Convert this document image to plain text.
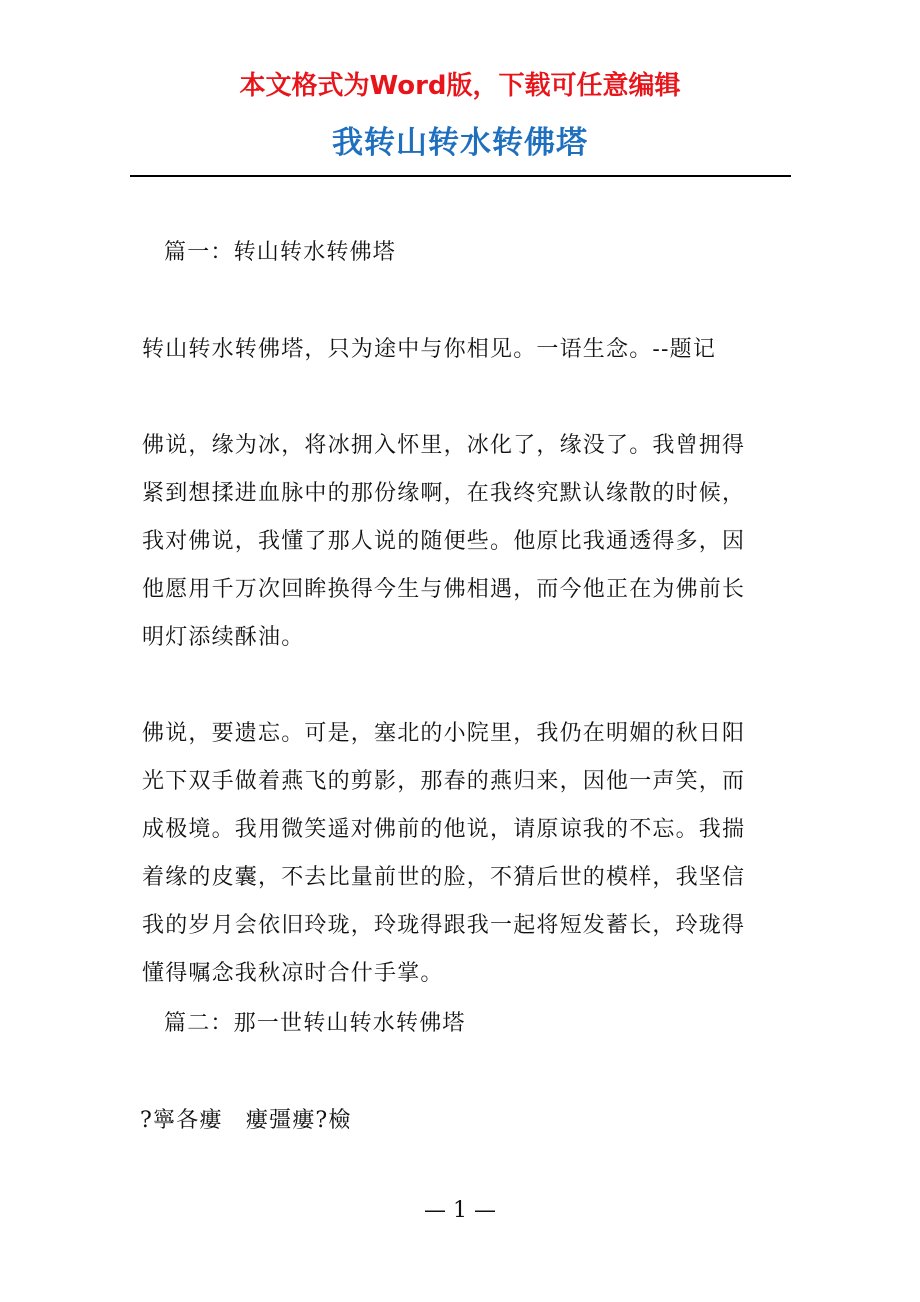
本文格式为Word版，下载可任意编辑
我转山转水转佛塔
篇一：转山转水转佛塔
转山转水转佛塔，只为途中与你相见。一语生念。--题记
佛说，缘为冰，将冰拥入怀里，冰化了，缘没了。我曾拥得
紧到想揉进血脉中的那份缘啊，在我终究默认缘散的时候，
我对佛说，我懂了那人说的随便些。他原比我通透得多，因
他愿用千万次回眸换得今生与佛相遇，而今他正在为佛前长
明灯添续酥油。
佛说，要遗忘。可是，塞北的小院里，我仍在明媚的秋日阳
光下双手做着燕飞的剪影，那春的燕归来，因他一声笑，而
成极境。我用微笑遥对佛前的他说，请原谅我的不忘。我揣
着缘的皮囊，不去比量前世的脸，不猜后世的模样，我坚信
我的岁月会依旧玲珑，玲珑得跟我一起将短发蓄长，玲珑得
懂得嘱念我秋凉时合什手掌。
篇二：那一世转山转水转佛塔
?寧各瘻　瘻彊瘻?檢
— 1 —
